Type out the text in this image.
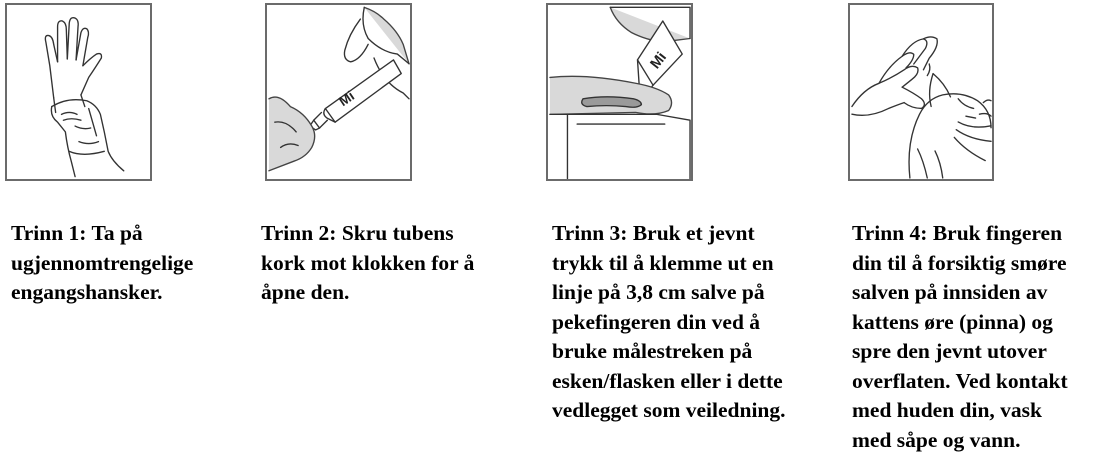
Trinn 1: Ta på
ugjennomtrengelige
engangshansker.

Mi

Trinn 2: Skru tubens
kork mot klokken for å
åpne den.

Mi

Trinn 3: Bruk et jevnt
trykk til å klemme ut en
linje på 3,8 cm salve på
pekefingeren din ved å
bruke målestreken på
esken/flasken eller i dette
vedlegget som veiledning.

Trinn 4: Bruk fingeren
din til å forsiktig smøre
salven på innsiden av
kattens øre (pinna) og
spre den jevnt utover
overflaten. Ved kontakt
med huden din, vask
med såpe og vann.
